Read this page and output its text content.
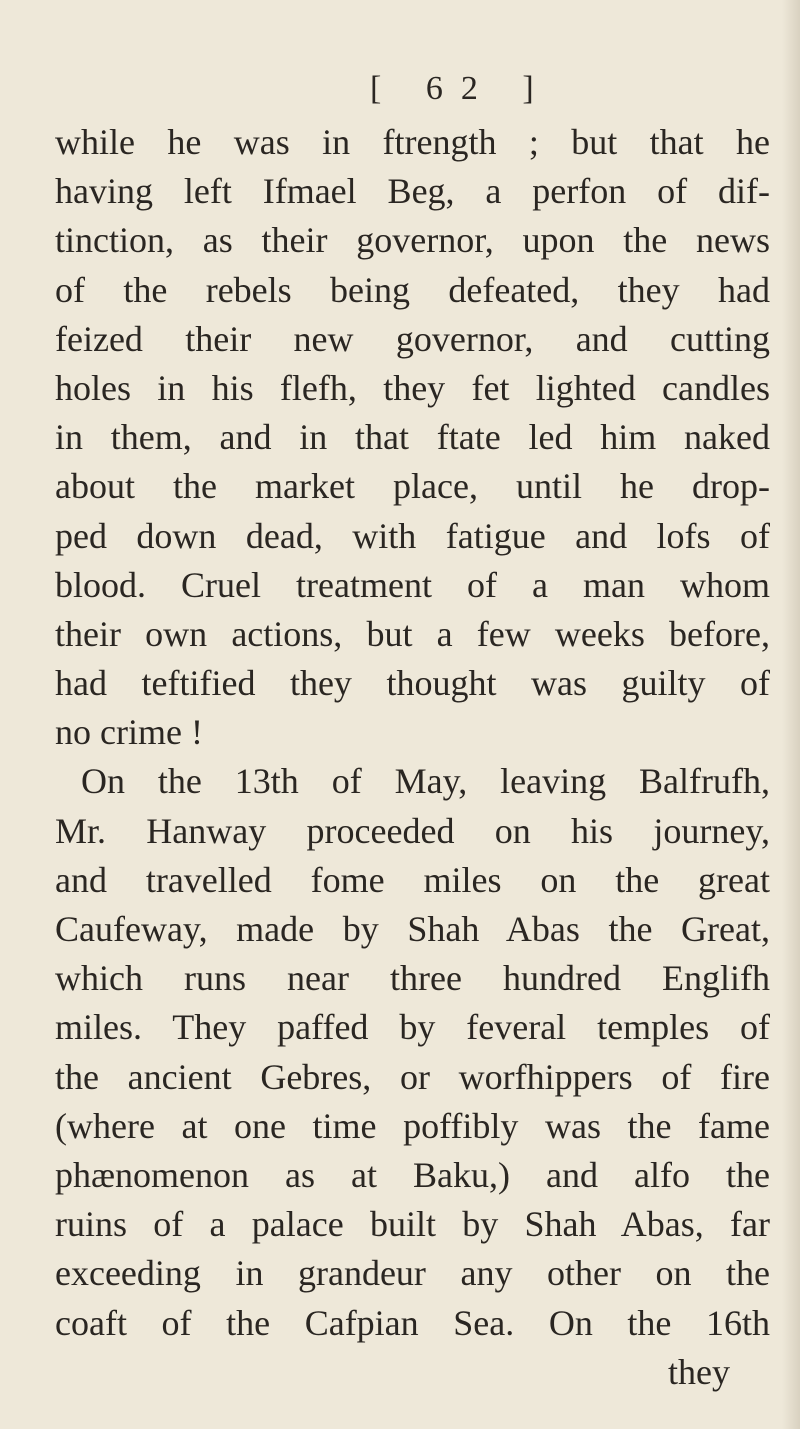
[ 62 ]
while he was in ftrength ; but that he
having left Ifmael Beg, a perfon of dif-
tinction, as their governor, upon the news
of the rebels being defeated, they had
feized their new governor, and cutting
holes in his flefh, they fet lighted candles
in them, and in that ftate led him naked
about the market place, until he drop-
ped down dead, with fatigue and lofs of
blood. Cruel treatment of a man whom
their own actions, but a few weeks before,
had teftified they thought was guilty of
no crime !
On the 13th of May, leaving Balfrufh,
Mr. Hanway proceeded on his journey,
and travelled fome miles on the great
Caufeway, made by Shah Abas the Great,
which runs near three hundred Englifh
miles. They paffed by feveral temples of
the ancient Gebres, or worfhippers of fire
(where at one time poffibly was the fame
phænomenon as at Baku,) and alfo the
ruins of a palace built by Shah Abas, far
exceeding in grandeur any other on the
coaft of the Cafpian Sea. On the 16th
they
